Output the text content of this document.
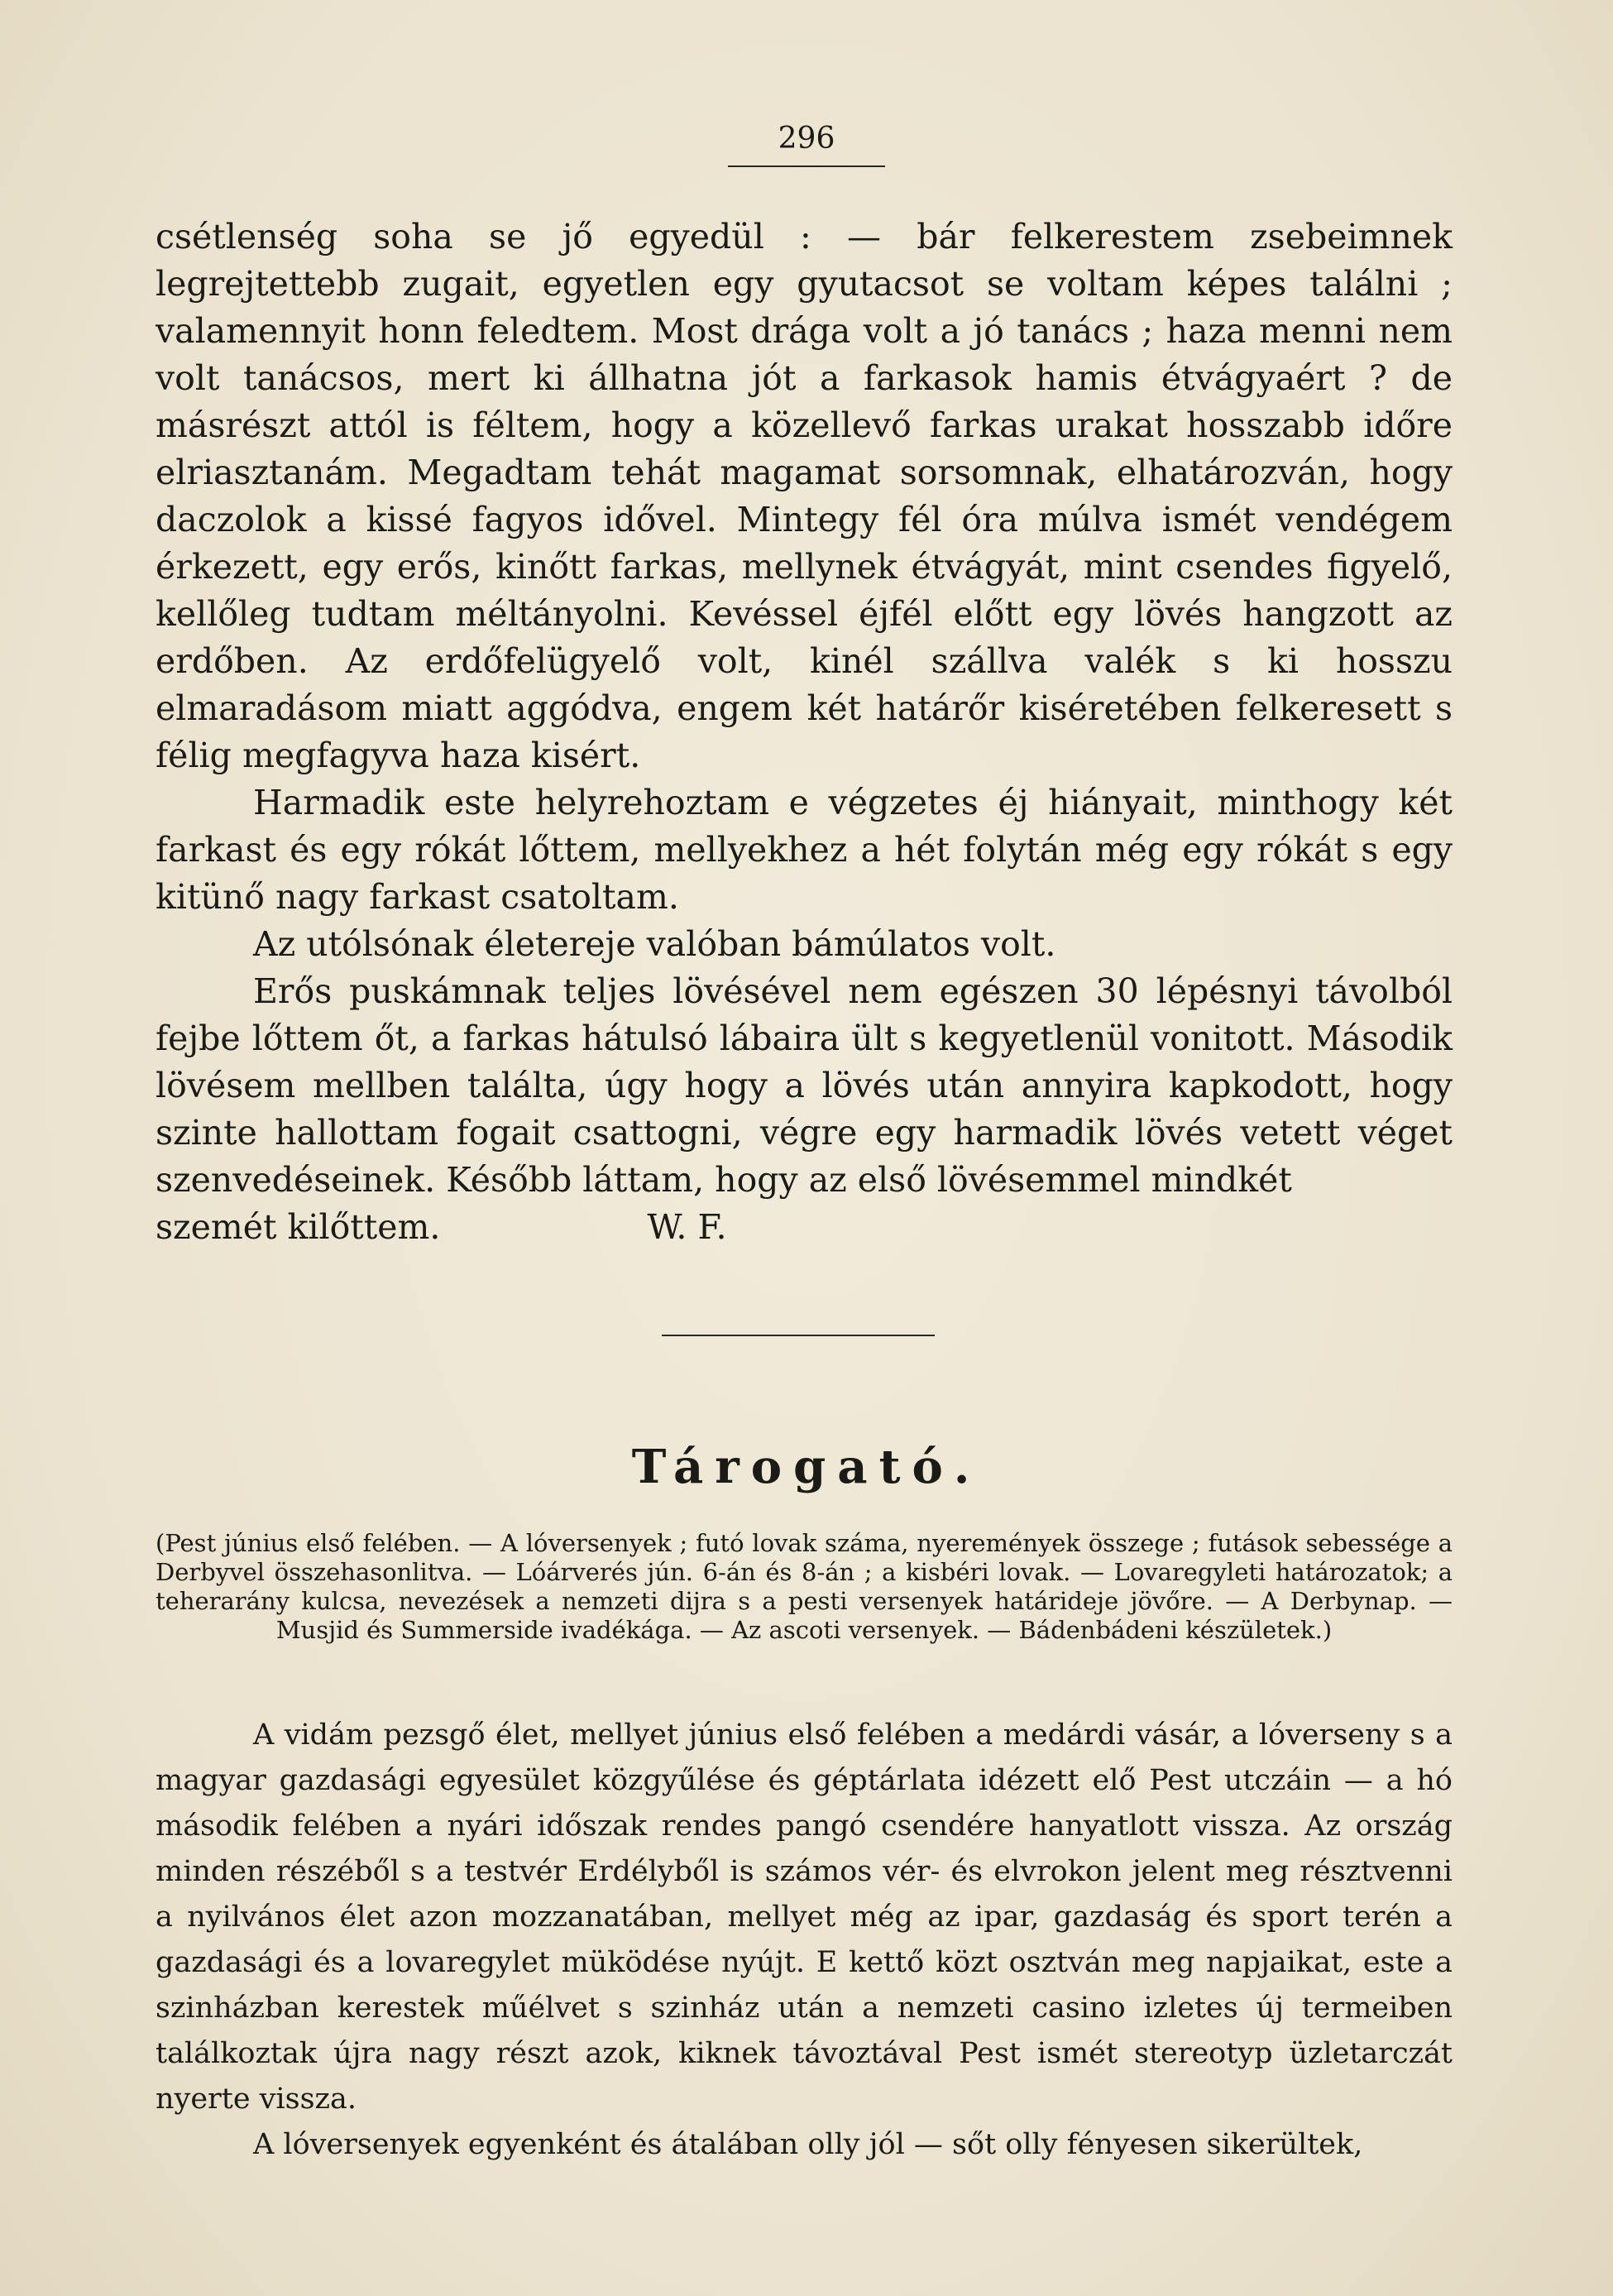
296

csétlenség soha se jő egyedül : — bár felkerestem zsebeimnek legrejtettebb zugait, egyetlen egy gyutacsot se voltam képes találni ; valamennyit honn feledtem. Most drága volt a jó tanács ; haza menni nem volt tanácsos, mert ki állhatna jót a farkasok hamis étvágyaért ? de másrészt attól is féltem, hogy a közellevő farkas urakat hosszabb időre elriasztanám. Megadtam tehát magamat sorsomnak, elhatározván, hogy daczolok a kissé fagyos idővel. Mintegy fél óra múlva ismét vendégem érkezett, egy erős, kinőtt farkas, mellynek étvágyát, mint csendes figyelő, kellőleg tudtam méltányolni. Kevéssel éjfél előtt egy lövés hangzott az erdőben. Az erdőfelügyelő volt, kinél szállva valék s ki hosszu elmaradásom miatt aggódva, engem két határőr kiséretében felkeresett s félig megfagyva haza kisért.

Harmadik este helyrehoztam e végzetes éj hiányait, minthogy két farkast és egy rókát lőttem, mellyekhez a hét folytán még egy rókát s egy kitünő nagy farkast csatoltam.

Az utólsónak életereje valóban bámúlatos volt.

Erős puskámnak teljes lövésével nem egészen 30 lépésnyi távolból fejbe lőttem őt, a farkas hátulsó lábaira ült s kegyetlenül vonitott. Második lövésem mellben találta, úgy hogy a lövés után annyira kapkodott, hogy szinte hallottam fogait csattogni, végre egy harmadik lövés vetett véget szenvedéseinek. Később láttam, hogy az első lövésemmel mindkét

szemét kilőttem.	W. F.
Tárogató.

(Pest június első felében. — A lóversenyek ; futó lovak száma, nyeremények összege ; futások sebessége a Derbyvel összehasonlitva. — Lóárverés jún. 6-án és 8-án ; a kisbéri lovak. — Lovaregyleti határozatok; a teherarány kulcsa, nevezések a nemzeti dijra s a pesti versenyek határideje jövőre. — A Derbynap. — Musjid és Summerside ivadékága. — Az ascoti versenyek. — Bádenbádeni készületek.)

A vidám pezsgő élet, mellyet június első felében a medárdi vásár, a lóverseny s a magyar gazdasági egyesület közgyűlése és géptárlata idézett elő Pest utczáin — a hó második felében a nyári időszak rendes pangó csendére hanyatlott vissza. Az ország minden részéből s a testvér Erdélyből is számos vér- és elvrokon jelent meg résztvenni a nyilvános élet azon mozzanatában, mellyet még az ipar, gazdaság és sport terén a gazdasági és a lovaregylet müködése nyújt. E kettő közt osztván meg napjaikat, este a szinházban kerestek műélvet s szinház után a nemzeti casino izletes új termeiben találkoztak újra nagy részt azok, kiknek távoztával Pest ismét stereotyp üzletarczát nyerte vissza.

A lóversenyek egyenként és átalában olly jól — sőt olly fényesen sikerültek,
